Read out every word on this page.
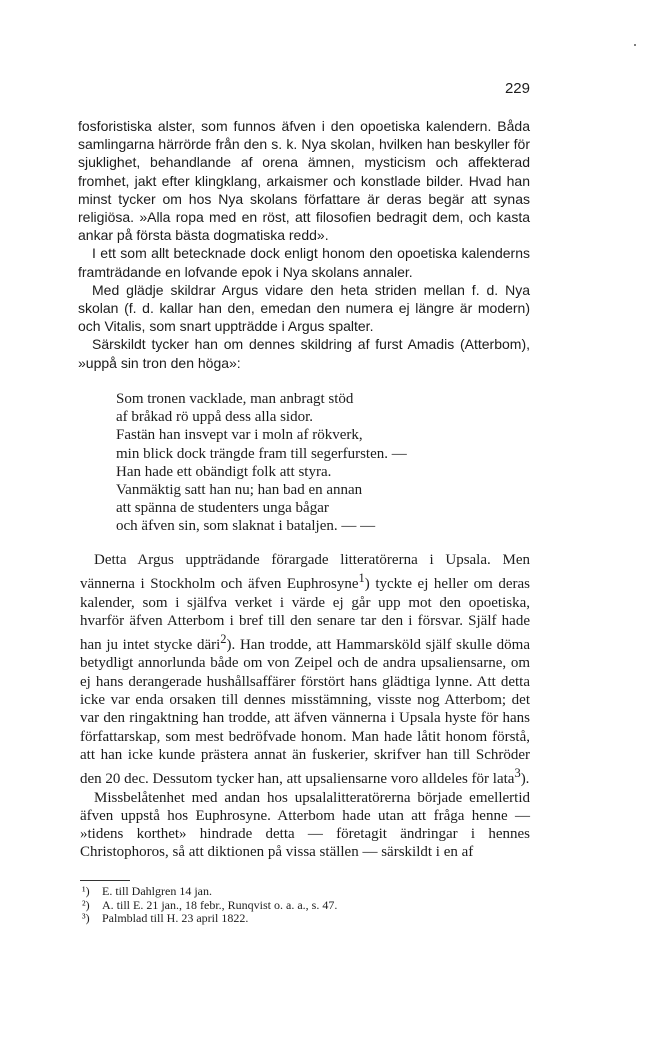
229

fosforistiska alster, som funnos äfven i den opoetiska kalendern. Båda samlingarna härrörde från den s. k. Nya skolan, hvilken han beskyller för sjuklighet, behandlande af orena ämnen, mysticism och affekterad fromhet, jakt efter klingklang, arkaismer och konstlade bilder. Hvad han minst tycker om hos Nya skolans författare är deras begär att synas religiösa. »Alla ropa med en röst, att filosofien bedragit dem, och kasta ankar på första bästa dogmatiska redd».

I ett som allt betecknade dock enligt honom den opoetiska kalenderns framträdande en lofvande epok i Nya skolans annaler.

Med glädje skildrar Argus vidare den heta striden mellan f. d. Nya skolan (f. d. kallar han den, emedan den numera ej längre är modern) och Vitalis, som snart uppträdde i Argus spalter.

Särskildt tycker han om dennes skildring af furst Amadis (Atterbom), »uppå sin tron den höga»:

Som tronen vacklade, man anbragt stöd
af bråkad rö uppå dess alla sidor.
Fastän han insvept var i moln af rökverk,
min blick dock trängde fram till segerfursten. —
Han hade ett obändigt folk att styra.
Vanmäktig satt han nu; han bad en annan
att spänna de studenters unga bågar
och äfven sin, som slaknat i bataljen. — —

Detta Argus uppträdande förargade litteratörerna i Upsala. Men vännerna i Stockholm och äfven Euphrosyne$^1$) tyckte ej heller om deras kalender, som i själfva verket i värde ej går upp mot den opoetiska, hvarför äfven Atterbom i bref till den senare tar den i försvar. Själf hade han ju intet stycke däri$^2$). Han trodde, att Hammarsköld själf skulle döma betydligt annorlunda både om von Zeipel och de andra upsaliensarne, om ej hans derangerade hushållsaffärer förstört hans glädtiga lynne. Att detta icke var enda orsaken till dennes misstämning, visste nog Atterbom; det var den ringaktning han trodde, att äfven vännerna i Upsala hyste för hans författarskap, som mest bedröfvade honom. Man hade låtit honom förstå, att han icke kunde prästera annat än fuskerier, skrifver han till Schröder den 20 dec. Dessutom tycker han, att upsaliensarne voro alldeles för lata$^3$).

Missbelåtenhet med andan hos upsalalitteratörerna började emellertid äfven uppstå hos Euphrosyne. Atterbom hade utan att fråga henne — »tidens korthet» hindrade detta — företagit ändringar i hennes Christophoros, så att diktionen på vissa ställen — särskildt i en af

¹) E. till Dahlgren 14 jan.
²) A. till E. 21 jan., 18 febr., Runqvist o. a. a., s. 47.
³) Palmblad till H. 23 april 1822.
